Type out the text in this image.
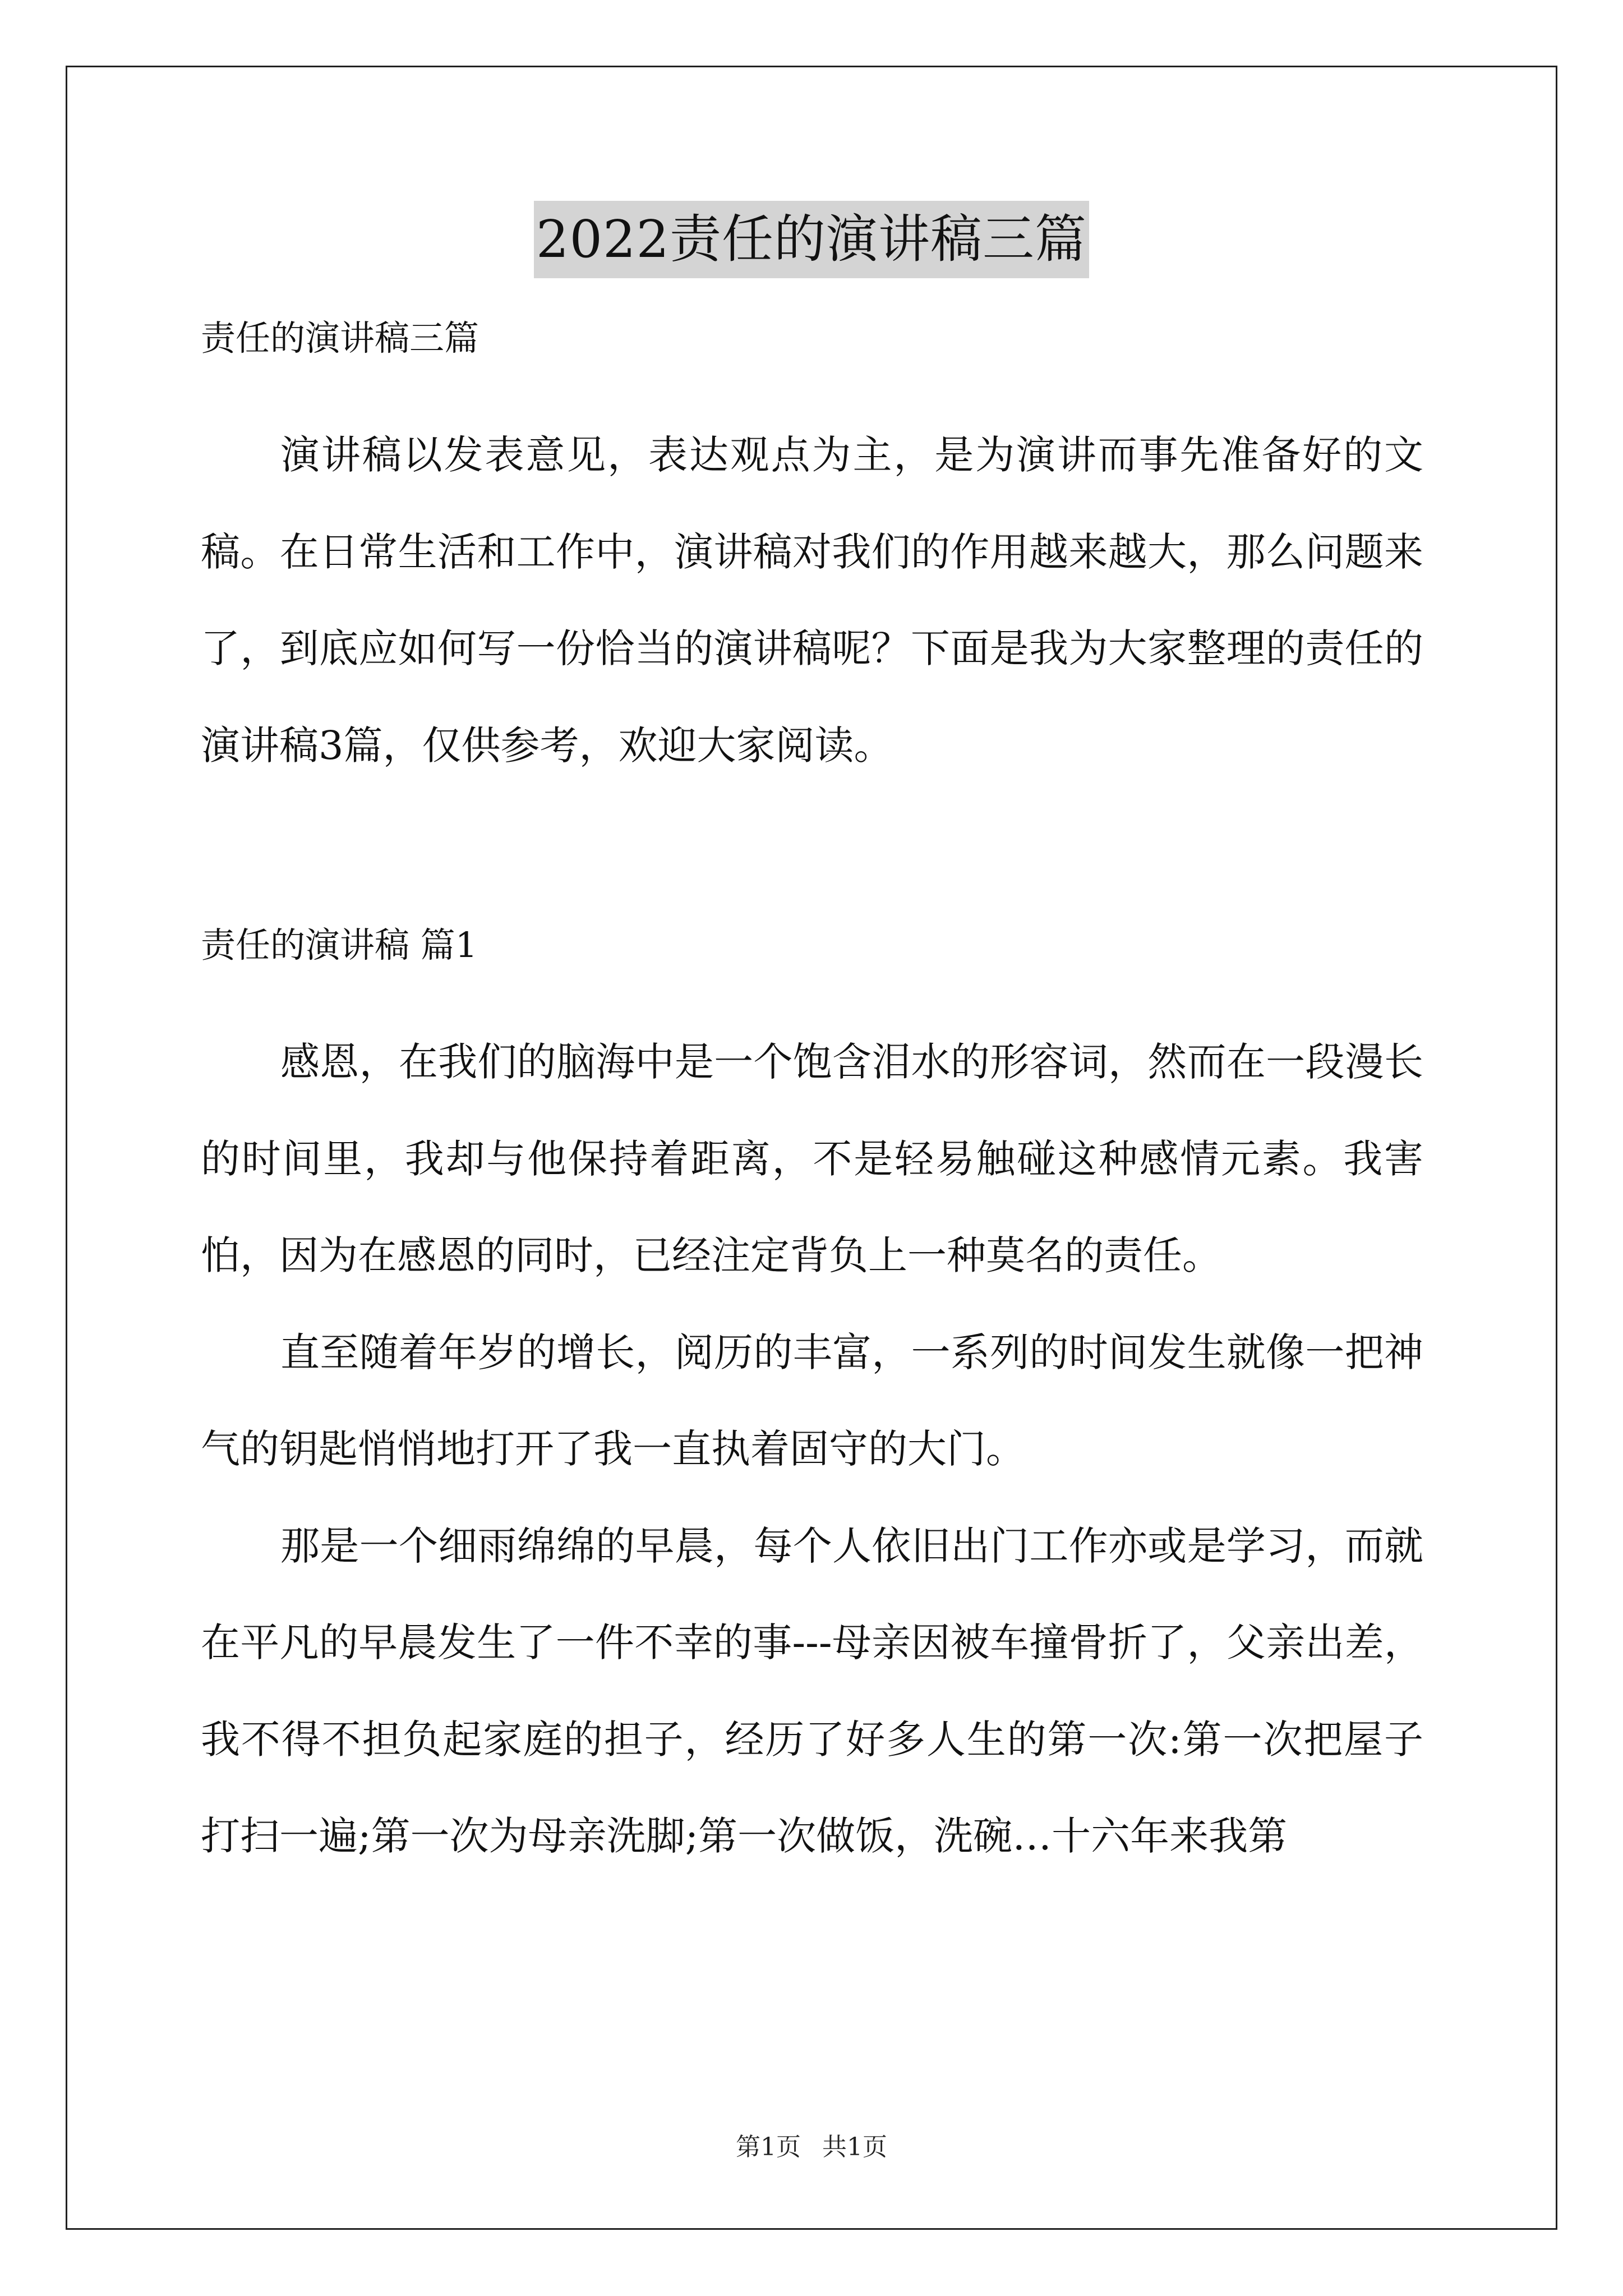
2022责任的演讲稿三篇
责任的演讲稿三篇

演讲稿以发表意见，表达观点为主，是为演讲而事先准备好的文稿。在日常生活和工作中，演讲稿对我们的作用越来越大，那么问题来了，到底应如何写一份恰当的演讲稿呢？下面是我为大家整理的责任的演讲稿3篇，仅供参考，欢迎大家阅读。

责任的演讲稿 篇1

感恩，在我们的脑海中是一个饱含泪水的形容词，然而在一段漫长的时间里，我却与他保持着距离，不是轻易触碰这种感情元素。我害怕，因为在感恩的同时，已经注定背负上一种莫名的责任。

直至随着年岁的增长，阅历的丰富，一系列的时间发生就像一把神气的钥匙悄悄地打开了我一直执着固守的大门。

那是一个细雨绵绵的早晨，每个人依旧出门工作亦或是学习，而就在平凡的早晨发生了一件不幸的事---母亲因被车撞骨折了，父亲出差，我不得不担负起家庭的担子，经历了好多人生的第一次:第一次把屋子打扫一遍;第一次为母亲洗脚;第一次做饭，洗碗…十六年来我第

第1页 共1页
